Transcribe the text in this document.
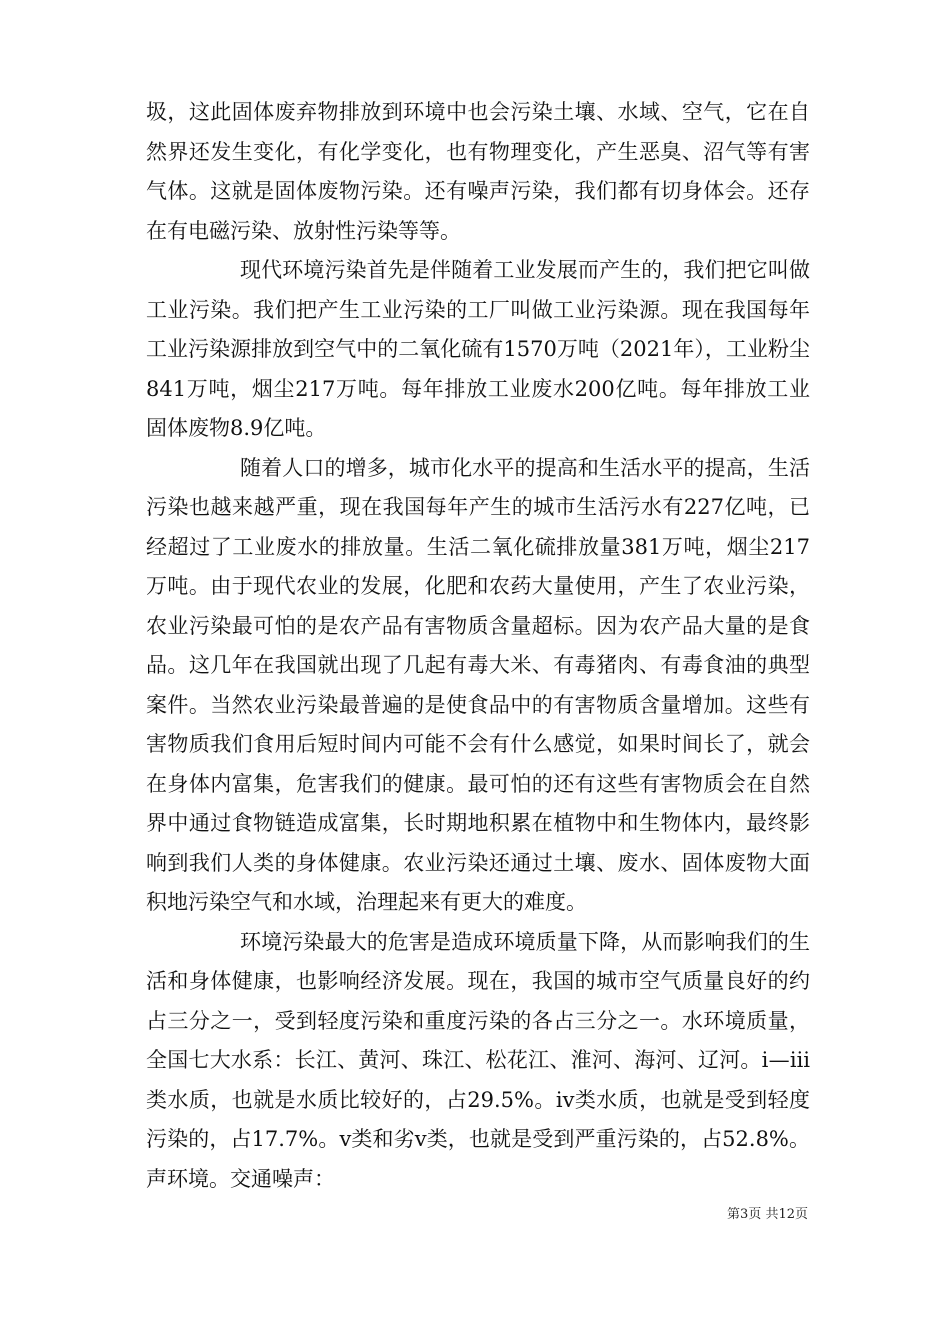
圾，这此固体废弃物排放到环境中也会污染土壤、水域、空气，它在自然界还发生变化，有化学变化，也有物理变化，产生恶臭、沼气等有害气体。这就是固体废物污染。还有噪声污染，我们都有切身体会。还存在有电磁污染、放射性污染等等。

现代环境污染首先是伴随着工业发展而产生的，我们把它叫做工业污染。我们把产生工业污染的工厂叫做工业污染源。现在我国每年工业污染源排放到空气中的二氧化硫有1570万吨（2021年），工业粉尘841万吨，烟尘217万吨。每年排放工业废水200亿吨。每年排放工业固体废物8.9亿吨。

随着人口的增多，城市化水平的提高和生活水平的提高，生活污染也越来越严重，现在我国每年产生的城市生活污水有227亿吨，已经超过了工业废水的排放量。生活二氧化硫排放量381万吨，烟尘217万吨。由于现代农业的发展，化肥和农药大量使用，产生了农业污染，农业污染最可怕的是农产品有害物质含量超标。因为农产品大量的是食品。这几年在我国就出现了几起有毒大米、有毒猪肉、有毒食油的典型案件。当然农业污染最普遍的是使食品中的有害物质含量增加。这些有害物质我们食用后短时间内可能不会有什么感觉，如果时间长了，就会在身体内富集，危害我们的健康。最可怕的还有这些有害物质会在自然界中通过食物链造成富集，长时期地积累在植物中和生物体内，最终影响到我们人类的身体健康。农业污染还通过土壤、废水、固体废物大面积地污染空气和水域，治理起来有更大的难度。

环境污染最大的危害是造成环境质量下降，从而影响我们的生活和身体健康，也影响经济发展。现在，我国的城市空气质量良好的约占三分之一，受到轻度污染和重度污染的各占三分之一。水环境质量，全国七大水系：长江、黄河、珠江、松花江、淮河、海河、辽河。ⅰ—ⅲ类水质，也就是水质比较好的，占29.5%。ⅳ类水质，也就是受到轻度污染的，占17.7%。ⅴ类和劣ⅴ类，也就是受到严重污染的，占52.8%。声环境。交通噪声：

第3页 共12页
